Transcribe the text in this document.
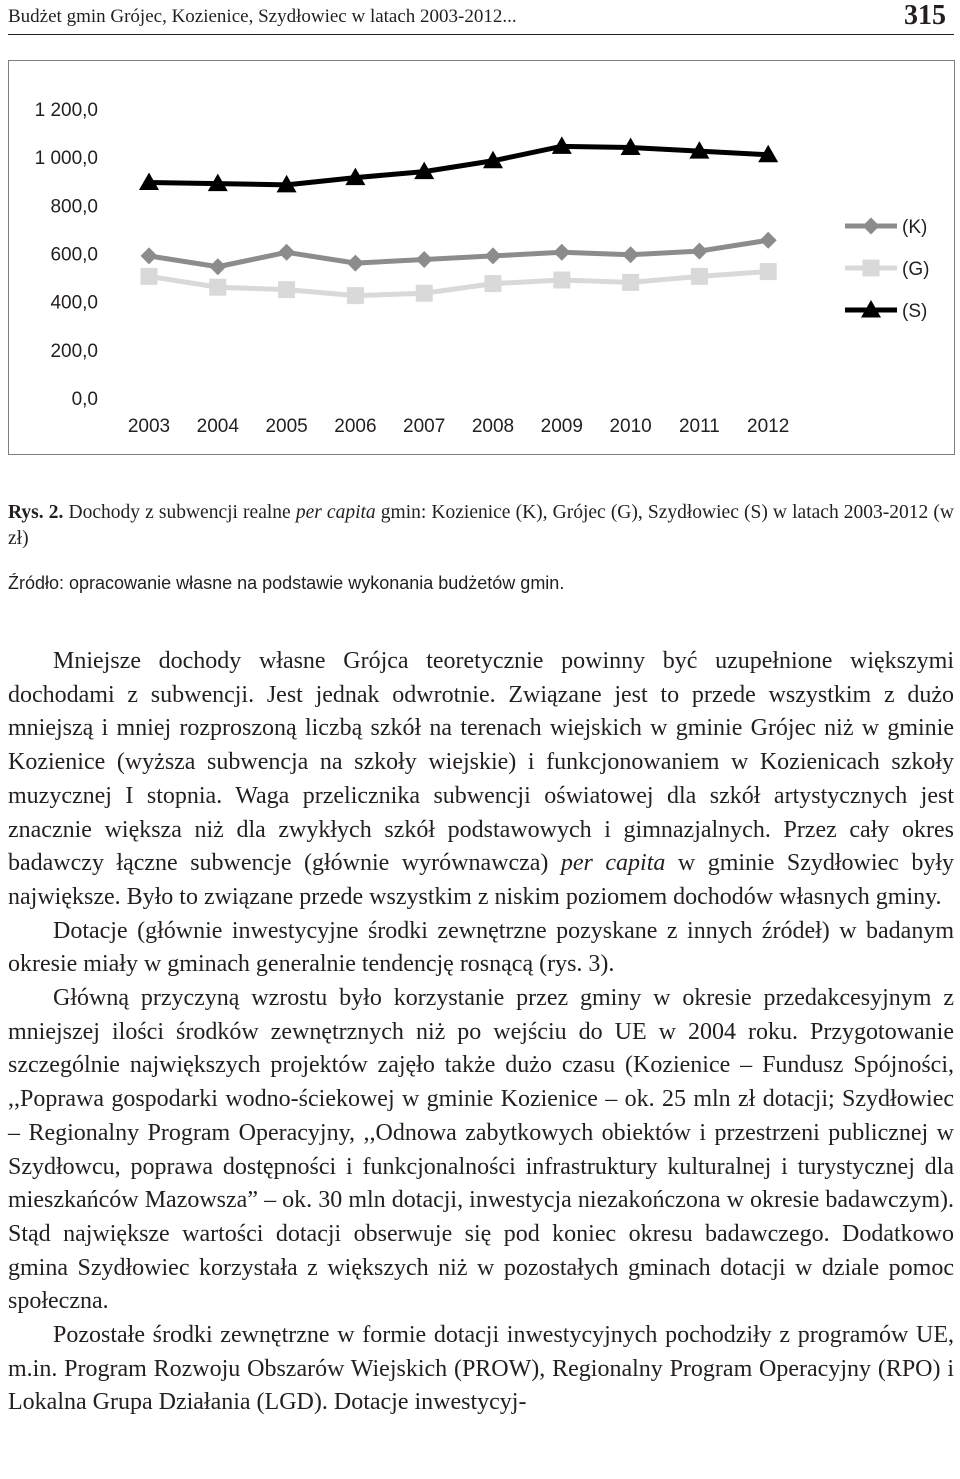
Budżet gmin Grójec, Kozienice, Szydłowiec w latach 2003-2012...	315
1 200,0
1 000,0
800,0
600,0
400,0
200,0
0,0
2003 2004 2005 2006 2007 2008 2009 2010 2011 2012
(K)
(G)
(S)
Rys. 2. Dochody z subwencji realne per capita gmin: Kozienice (K), Grójec (G), Szydłowiec (S) w latach 2003-2012 (w zł)
Źródło: opracowanie własne na podstawie wykonania budżetów gmin.

Mniejsze dochody własne Grójca teoretycznie powinny być uzupełnione większymi dochodami z subwencji. Jest jednak odwrotnie. Związane jest to przede wszystkim z dużo mniejszą i mniej rozproszoną liczbą szkół na terenach wiejskich w gminie Grójec niż w gminie Kozienice (wyższa subwencja na szkoły wiejskie) i funkcjonowaniem w Kozienicach szkoły muzycznej I stopnia. Waga przelicznika subwencji oświatowej dla szkół artystycznych jest znacznie większa niż dla zwykłych szkół podstawowych i gimnazjalnych. Przez cały okres badawczy łączne subwencje (głównie wyrównawcza) per capita w gminie Szydłowiec były największe. Było to związane przede wszystkim z niskim poziomem dochodów własnych gminy.

Dotacje (głównie inwestycyjne środki zewnętrzne pozyskane z innych źródeł) w badanym okresie miały w gminach generalnie tendencję rosnącą (rys. 3).

Główną przyczyną wzrostu było korzystanie przez gminy w okresie przedakcesyjnym z mniejszej ilości środków zewnętrznych niż po wejściu do UE w 2004 roku. Przygotowanie szczególnie największych projektów zajęło także dużo czasu (Kozienice – Fundusz Spójności, ,,Poprawa gospodarki wodno-ściekowej w gminie Kozienice – ok. 25 mln zł dotacji; Szydłowiec – Regionalny Program Operacyjny, ,,Odnowa zabytkowych obiektów i przestrzeni publicznej w Szydłowcu, poprawa dostępności i funkcjonalności infrastruktury kulturalnej i turystycznej dla mieszkańców Mazowsza” – ok. 30 mln dotacji, inwestycja niezakończona w okresie badawczym). Stąd największe wartości dotacji obserwuje się pod koniec okresu badawczego. Dodatkowo gmina Szydłowiec korzystała z większych niż w pozostałych gminach dotacji w dziale pomoc społeczna.

Pozostałe środki zewnętrzne w formie dotacji inwestycyjnych pochodziły z programów UE, m.in. Program Rozwoju Obszarów Wiejskich (PROW), Regionalny Program Operacyjny (RPO) i Lokalna Grupa Działania (LGD). Dotacje inwestycyj-
